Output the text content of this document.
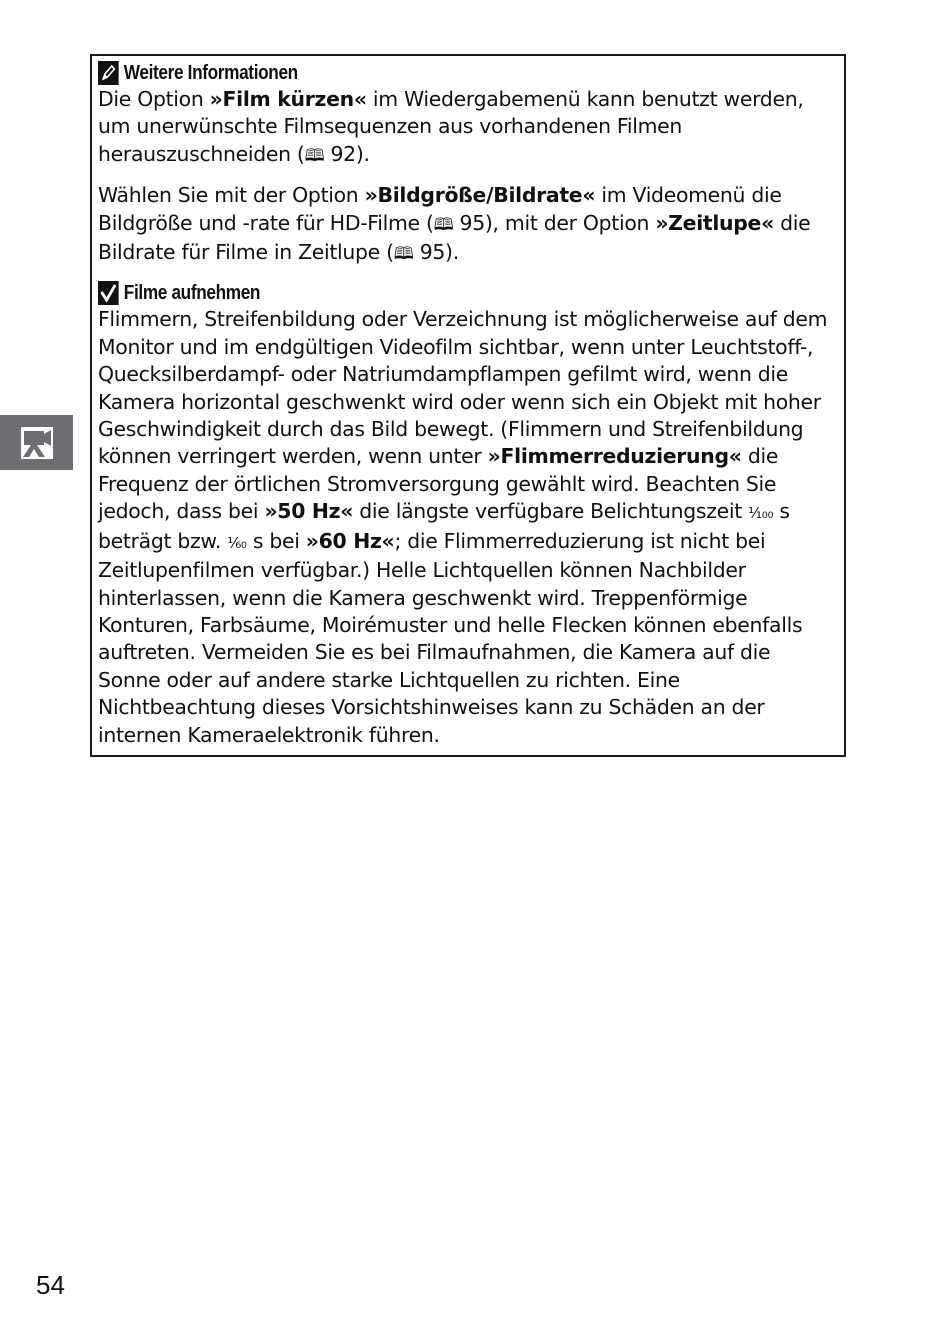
Weitere Informationen

Die Option »Film kürzen« im Wiedergabemenü kann benutzt werden, um unerwünschte Filmsequenzen aus vorhandenen Filmen herauszuschneiden (🕮 92).

Wählen Sie mit der Option »Bildgröße/Bildrate« im Videomenü die Bildgröße und -rate für HD-Filme (🕮 95), mit der Option »Zeitlupe« die Bildrate für Filme in Zeitlupe (🕮 95).

Filme aufnehmen

Flimmern, Streifenbildung oder Verzeichnung ist möglicherweise auf dem Monitor und im endgültigen Videofilm sichtbar, wenn unter Leuchtstoff-, Quecksilberdampf- oder Natriumdampflampen gefilmt wird, wenn die Kamera horizontal geschwenkt wird oder wenn sich ein Objekt mit hoher Geschwindigkeit durch das Bild bewegt. (Flimmern und Streifenbildung können verringert werden, wenn unter »Flimmerreduzierung« die Frequenz der örtlichen Stromversorgung gewählt wird. Beachten Sie jedoch, dass bei »50 Hz« die längste verfügbare Belichtungszeit ¹⁄₁₀₀ s beträgt bzw. ¹⁄₆₀ s bei »60 Hz«; die Flimmerreduzierung ist nicht bei Zeitlupenfilmen verfügbar.) Helle Lichtquellen können Nachbilder hinterlassen, wenn die Kamera geschwenkt wird. Treppenförmige Konturen, Farbsäume, Moirémuster und helle Flecken können ebenfalls auftreten. Vermeiden Sie es bei Filmaufnahmen, die Kamera auf die Sonne oder auf andere starke Lichtquellen zu richten. Eine Nichtbeachtung dieses Vorsichtshinweises kann zu Schäden an der internen Kameraelektronik führen.

54
